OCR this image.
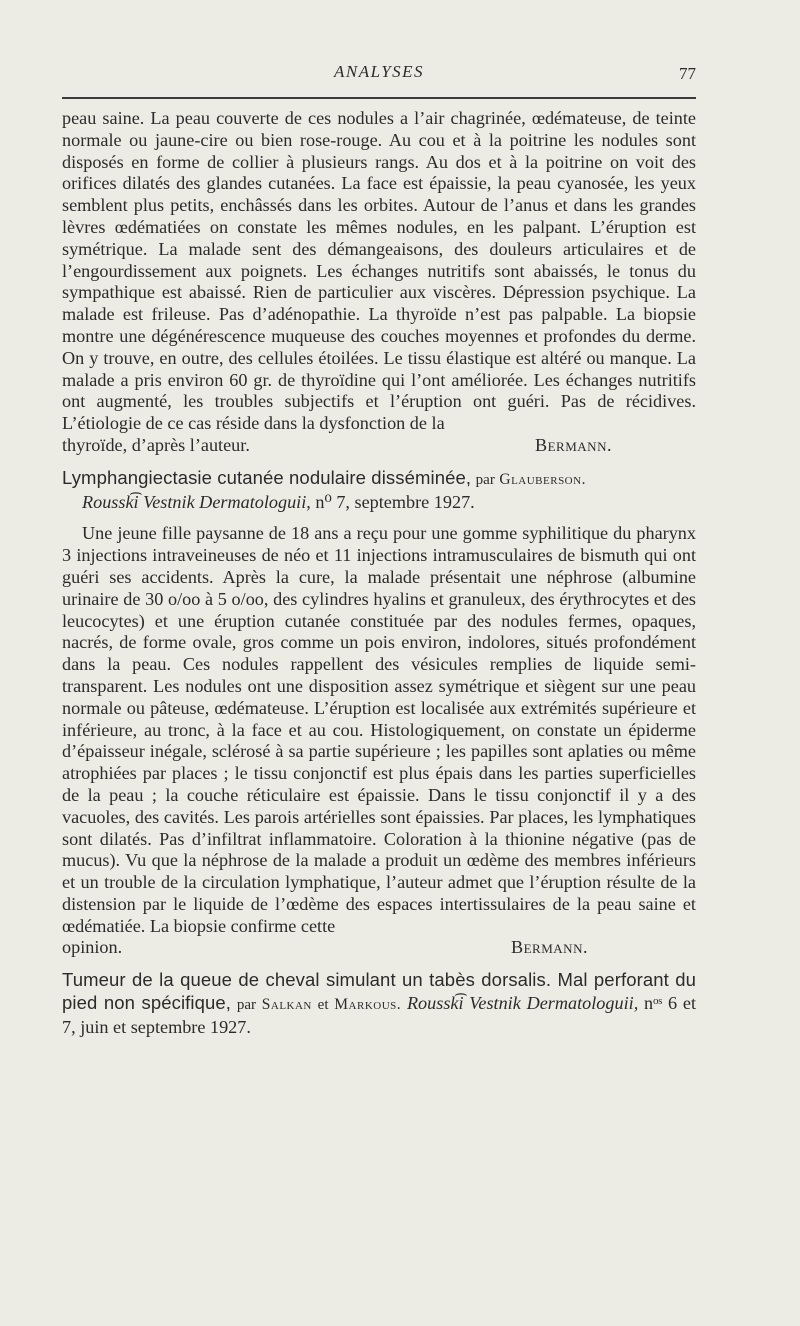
ANALYSES	77

peau saine. La peau couverte de ces nodules a l’air chagrinée, œdémateuse, de teinte normale ou jaune-cire ou bien rose-rouge. Au cou et à la poitrine les nodules sont disposés en forme de collier à plusieurs rangs. Au dos et à la poitrine on voit des orifices dilatés des glandes cutanées. La face est épaissie, la peau cyanosée, les yeux semblent plus petits, enchâssés dans les orbites. Autour de l’anus et dans les grandes lèvres œdématiées on constate les mêmes nodules, en les palpant. L’éruption est symétrique. La malade sent des démangeaisons, des douleurs articulaires et de l’engourdissement aux poignets. Les échanges nutritifs sont abaissés, le tonus du sympathique est abaissé. Rien de particulier aux viscères. Dépression psychique. La malade est frileuse. Pas d’adénopathie. La thyroïde n’est pas palpable. La biopsie montre une dégénérescence muqueuse des couches moyennes et profondes du derme. On y trouve, en outre, des cellules étoilées. Le tissu élastique est altéré ou manque. La malade a pris environ 60 gr. de thyroïdine qui l’ont améliorée. Les échanges nutritifs ont augmenté, les troubles subjectifs et l’éruption ont guéri. Pas de récidives. L’étiologie de ce cas réside dans la dysfonction de la

thyroïde, d’après l’auteur.	Bermann.

Lymphangiectasie cutanée nodulaire disséminée, par Glauberson.

Roussk͡i Vestnik Dermatologuii, n⁰ 7, septembre 1927.

Une jeune fille paysanne de 18 ans a reçu pour une gomme syphilitique du pharynx 3 injections intraveineuses de néo et 11 injections intramusculaires de bismuth qui ont guéri ses accidents. Après la cure, la malade présentait une néphrose (albumine urinaire de 30 o/oo à 5 o/oo, des cylindres hyalins et granuleux, des érythrocytes et des leucocytes) et une éruption cutanée constituée par des nodules fermes, opaques, nacrés, de forme ovale, gros comme un pois environ, indolores, situés profondément dans la peau. Ces nodules rappellent des vésicules remplies de liquide semi-transparent. Les nodules ont une disposition assez symétrique et siègent sur une peau normale ou pâteuse, œdémateuse. L’éruption est localisée aux extrémités supérieure et inférieure, au tronc, à la face et au cou. Histologiquement, on constate un épiderme d’épaisseur inégale, sclérosé à sa partie supérieure ; les papilles sont aplaties ou même atrophiées par places ; le tissu conjonctif est plus épais dans les parties superficielles de la peau ; la couche réticulaire est épaissie. Dans le tissu conjonctif il y a des vacuoles, des cavités. Les parois artérielles sont épaissies. Par places, les lymphatiques sont dilatés. Pas d’infiltrat inflammatoire. Coloration à la thionine négative (pas de mucus). Vu que la néphrose de la malade a produit un œdème des membres inférieurs et un trouble de la circulation lymphatique, l’auteur admet que l’éruption résulte de la distension par le liquide de l’œdème des espaces intertissulaires de la peau saine et œdématiée. La biopsie confirme cette

opinion.	Bermann.

Tumeur de la queue de cheval simulant un tabès dorsalis. Mal perforant du pied non spécifique, par Salkan et Markous. Roussk͡i Vestnik Dermatologuii, nᵒˢ 6 et 7, juin et septembre 1927.
